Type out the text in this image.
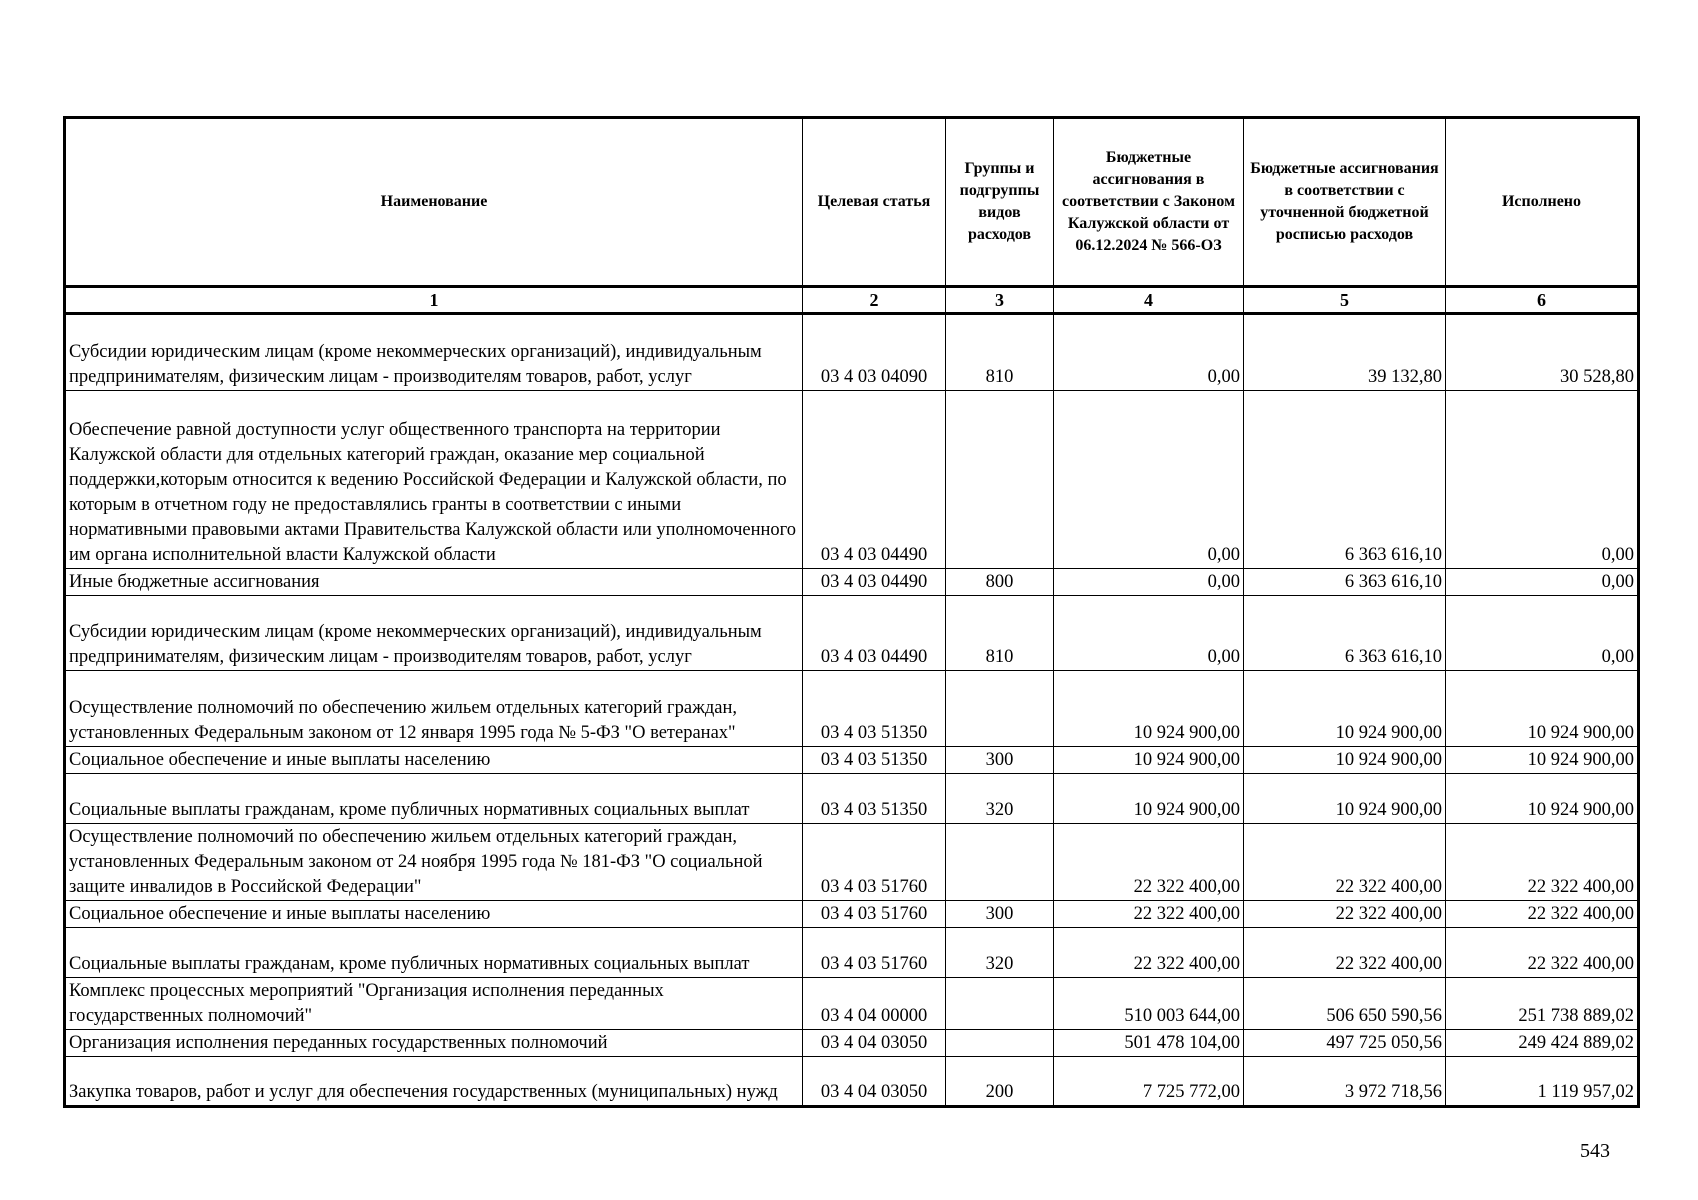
Наименование	Целевая статья	Группы и подгруппы видов расходов	Бюджетные ассигнования в соответствии с Законом Калужской области от 06.12.2024 № 566-ОЗ	Бюджетные ассигнования в соответствии с уточненной бюджетной росписью расходов	Исполнено
1	2	3	4	5	6
Субсидии юридическим лицам (кроме некоммерческих организаций), индивидуальным предпринимателям, физическим лицам - производителям товаров, работ, услуг	03 4 03 04090	810	0,00	39 132,80	30 528,80
Обеспечение равной доступности услуг общественного транспорта на территории Калужской области для отдельных категорий граждан, оказание мер социальной поддержки,которым относится к ведению Российской Федерации и Калужской области, по которым в отчетном году не предоставлялись гранты в соответствии с иными нормативными правовыми актами Правительства Калужской области или уполномоченного им органа исполнительной власти Калужской области	03 4 03 04490		0,00	6 363 616,10	0,00
Иные бюджетные ассигнования	03 4 03 04490	800	0,00	6 363 616,10	0,00
Субсидии юридическим лицам (кроме некоммерческих организаций), индивидуальным предпринимателям, физическим лицам - производителям товаров, работ, услуг	03 4 03 04490	810	0,00	6 363 616,10	0,00
Осуществление полномочий по обеспечению жильем отдельных категорий граждан, установленных Федеральным законом от 12 января 1995 года № 5-ФЗ "О ветеранах"	03 4 03 51350		10 924 900,00	10 924 900,00	10 924 900,00
Социальное обеспечение и иные выплаты населению	03 4 03 51350	300	10 924 900,00	10 924 900,00	10 924 900,00
Социальные выплаты гражданам, кроме публичных нормативных социальных выплат	03 4 03 51350	320	10 924 900,00	10 924 900,00	10 924 900,00
Осуществление полномочий по обеспечению жильем отдельных категорий граждан, установленных Федеральным законом от 24 ноября 1995 года № 181-ФЗ "О социальной защите инвалидов в Российской Федерации"	03 4 03 51760		22 322 400,00	22 322 400,00	22 322 400,00
Социальное обеспечение и иные выплаты населению	03 4 03 51760	300	22 322 400,00	22 322 400,00	22 322 400,00
Социальные выплаты гражданам, кроме публичных нормативных социальных выплат	03 4 03 51760	320	22 322 400,00	22 322 400,00	22 322 400,00
Комплекс процессных мероприятий "Организация исполнения переданных государственных полномочий"	03 4 04 00000		510 003 644,00	506 650 590,56	251 738 889,02
Организация исполнения переданных государственных полномочий	03 4 04 03050		501 478 104,00	497 725 050,56	249 424 889,02
Закупка товаров, работ и услуг для обеспечения государственных (муниципальных) нужд	03 4 04 03050	200	7 725 772,00	3 972 718,56	1 119 957,02
543
